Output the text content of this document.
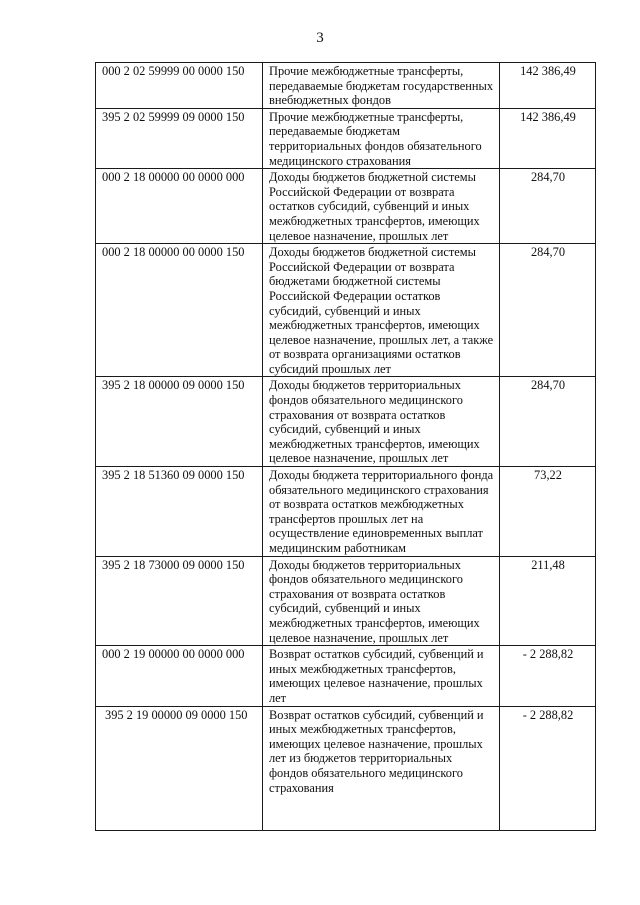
3
000 2 02 59999 00 0000 150	Прочие межбюджетные трансферты, передаваемые бюджетам государственных внебюджетных фондов	142 386,49
395 2 02 59999 09 0000 150	Прочие межбюджетные трансферты, передаваемые бюджетам территориальных фондов обязательного медицинского страхования	142 386,49
000 2 18 00000 00 0000 000	Доходы бюджетов бюджетной системы Российской Федерации от возврата остатков субсидий, субвенций и иных межбюджетных трансфертов, имеющих целевое назначение, прошлых лет	284,70
000 2 18 00000 00 0000 150	Доходы бюджетов бюджетной системы Российской Федерации от возврата бюджетами бюджетной системы Российской Федерации остатков субсидий, субвенций и иных межбюджетных трансфертов, имеющих целевое назначение, прошлых лет, а также от возврата организациями остатков субсидий прошлых лет	284,70
395 2 18 00000 09 0000 150	Доходы бюджетов территориальных фондов обязательного медицинского страхования от возврата остатков субсидий, субвенций и иных межбюджетных трансфертов, имеющих целевое назначение, прошлых лет	284,70
395 2 18 51360 09 0000 150	Доходы бюджета территориального фонда обязательного медицинского страхования от возврата остатков межбюджетных трансфертов прошлых лет на осуществление единовременных выплат медицинским работникам	73,22
395 2 18 73000 09 0000 150	Доходы бюджетов территориальных фондов обязательного медицинского страхования от возврата остатков субсидий, субвенций и иных межбюджетных трансфертов, имеющих целевое назначение, прошлых лет	211,48
000 2 19 00000 00 0000 000	Возврат остатков субсидий, субвенций и иных межбюджетных трансфертов, имеющих целевое назначение, прошлых лет	- 2 288,82
395 2 19 00000 09 0000 150	Возврат остатков субсидий, субвенций и иных межбюджетных трансфертов, имеющих целевое назначение, прошлых лет из бюджетов территориальных фондов обязательного медицинского страхования	- 2 288,82
